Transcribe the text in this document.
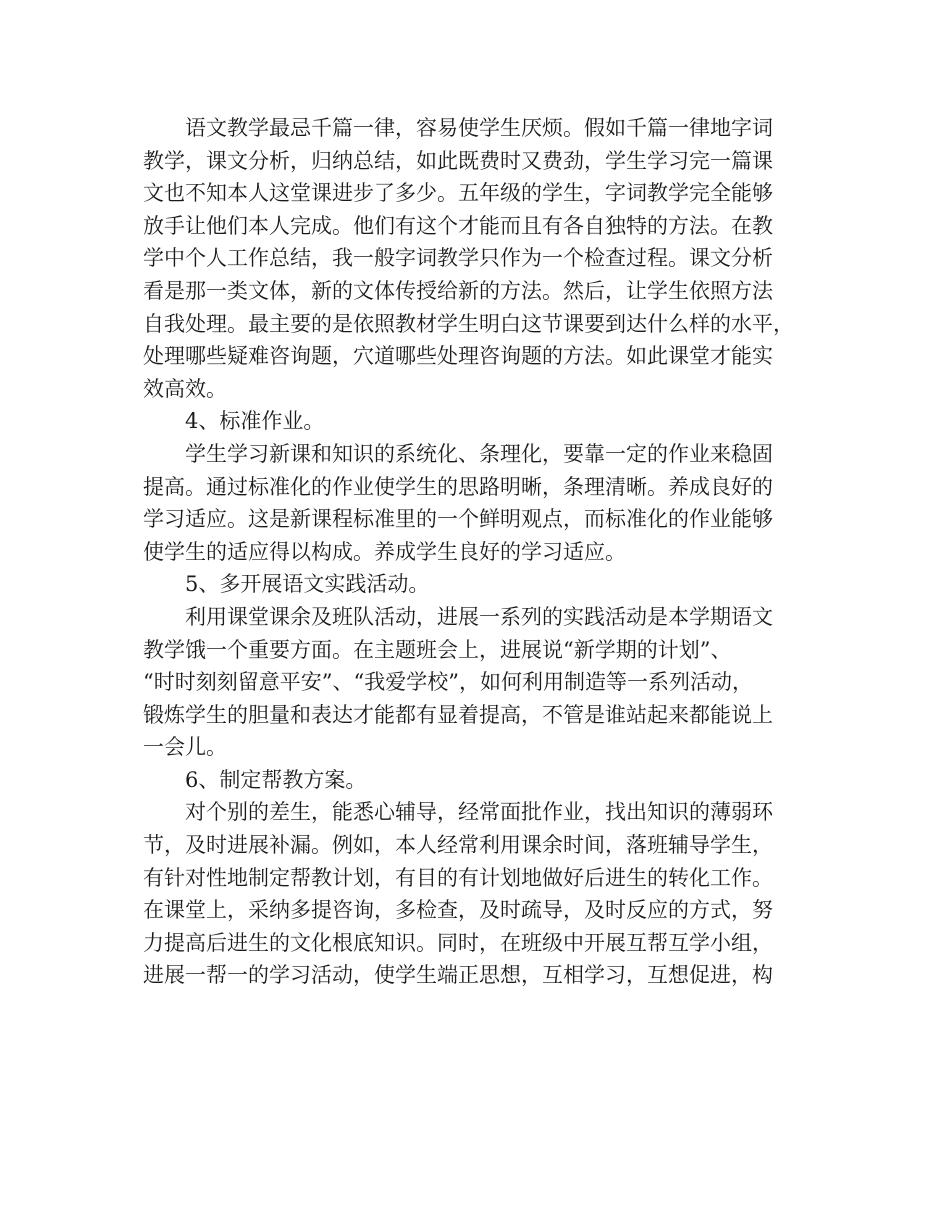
语文教学最忌千篇一律，容易使学生厌烦。假如千篇一律地字词

教学，课文分析，归纳总结，如此既费时又费劲，学生学习完一篇课

文也不知本人这堂课进步了多少。五年级的学生，字词教学完全能够

放手让他们本人完成。他们有这个才能而且有各自独特的方法。在教

学中个人工作总结，我一般字词教学只作为一个检查过程。课文分析

看是那一类文体，新的文体传授给新的方法。然后，让学生依照方法

自我处理。最主要的是依照教材学生明白这节课要到达什么样的水平，

处理哪些疑难咨询题，穴道哪些处理咨询题的方法。如此课堂才能实

效高效。

4、标准作业。

学生学习新课和知识的系统化、条理化，要靠一定的作业来稳固

提高。通过标准化的作业使学生的思路明晰，条理清晰。养成良好的

学习适应。这是新课程标准里的一个鲜明观点，而标准化的作业能够

使学生的适应得以构成。养成学生良好的学习适应。

5、多开展语文实践活动。

利用课堂课余及班队活动，进展一系列的实践活动是本学期语文

教学饿一个重要方面。在主题班会上，进展说“新学期的计划”、

“时时刻刻留意平安”、“我爱学校”，如何利用制造等一系列活动，

锻炼学生的胆量和表达才能都有显着提高，不管是谁站起来都能说上

一会儿。

6、制定帮教方案。

对个别的差生，能悉心辅导，经常面批作业，找出知识的薄弱环

节，及时进展补漏。例如，本人经常利用课余时间，落班辅导学生，

有针对性地制定帮教计划，有目的有计划地做好后进生的转化工作。

在课堂上，采纳多提咨询，多检查，及时疏导，及时反应的方式，努

力提高后进生的文化根底知识。同时，在班级中开展互帮互学小组，

进展一帮一的学习活动，使学生端正思想，互相学习，互想促进，构
